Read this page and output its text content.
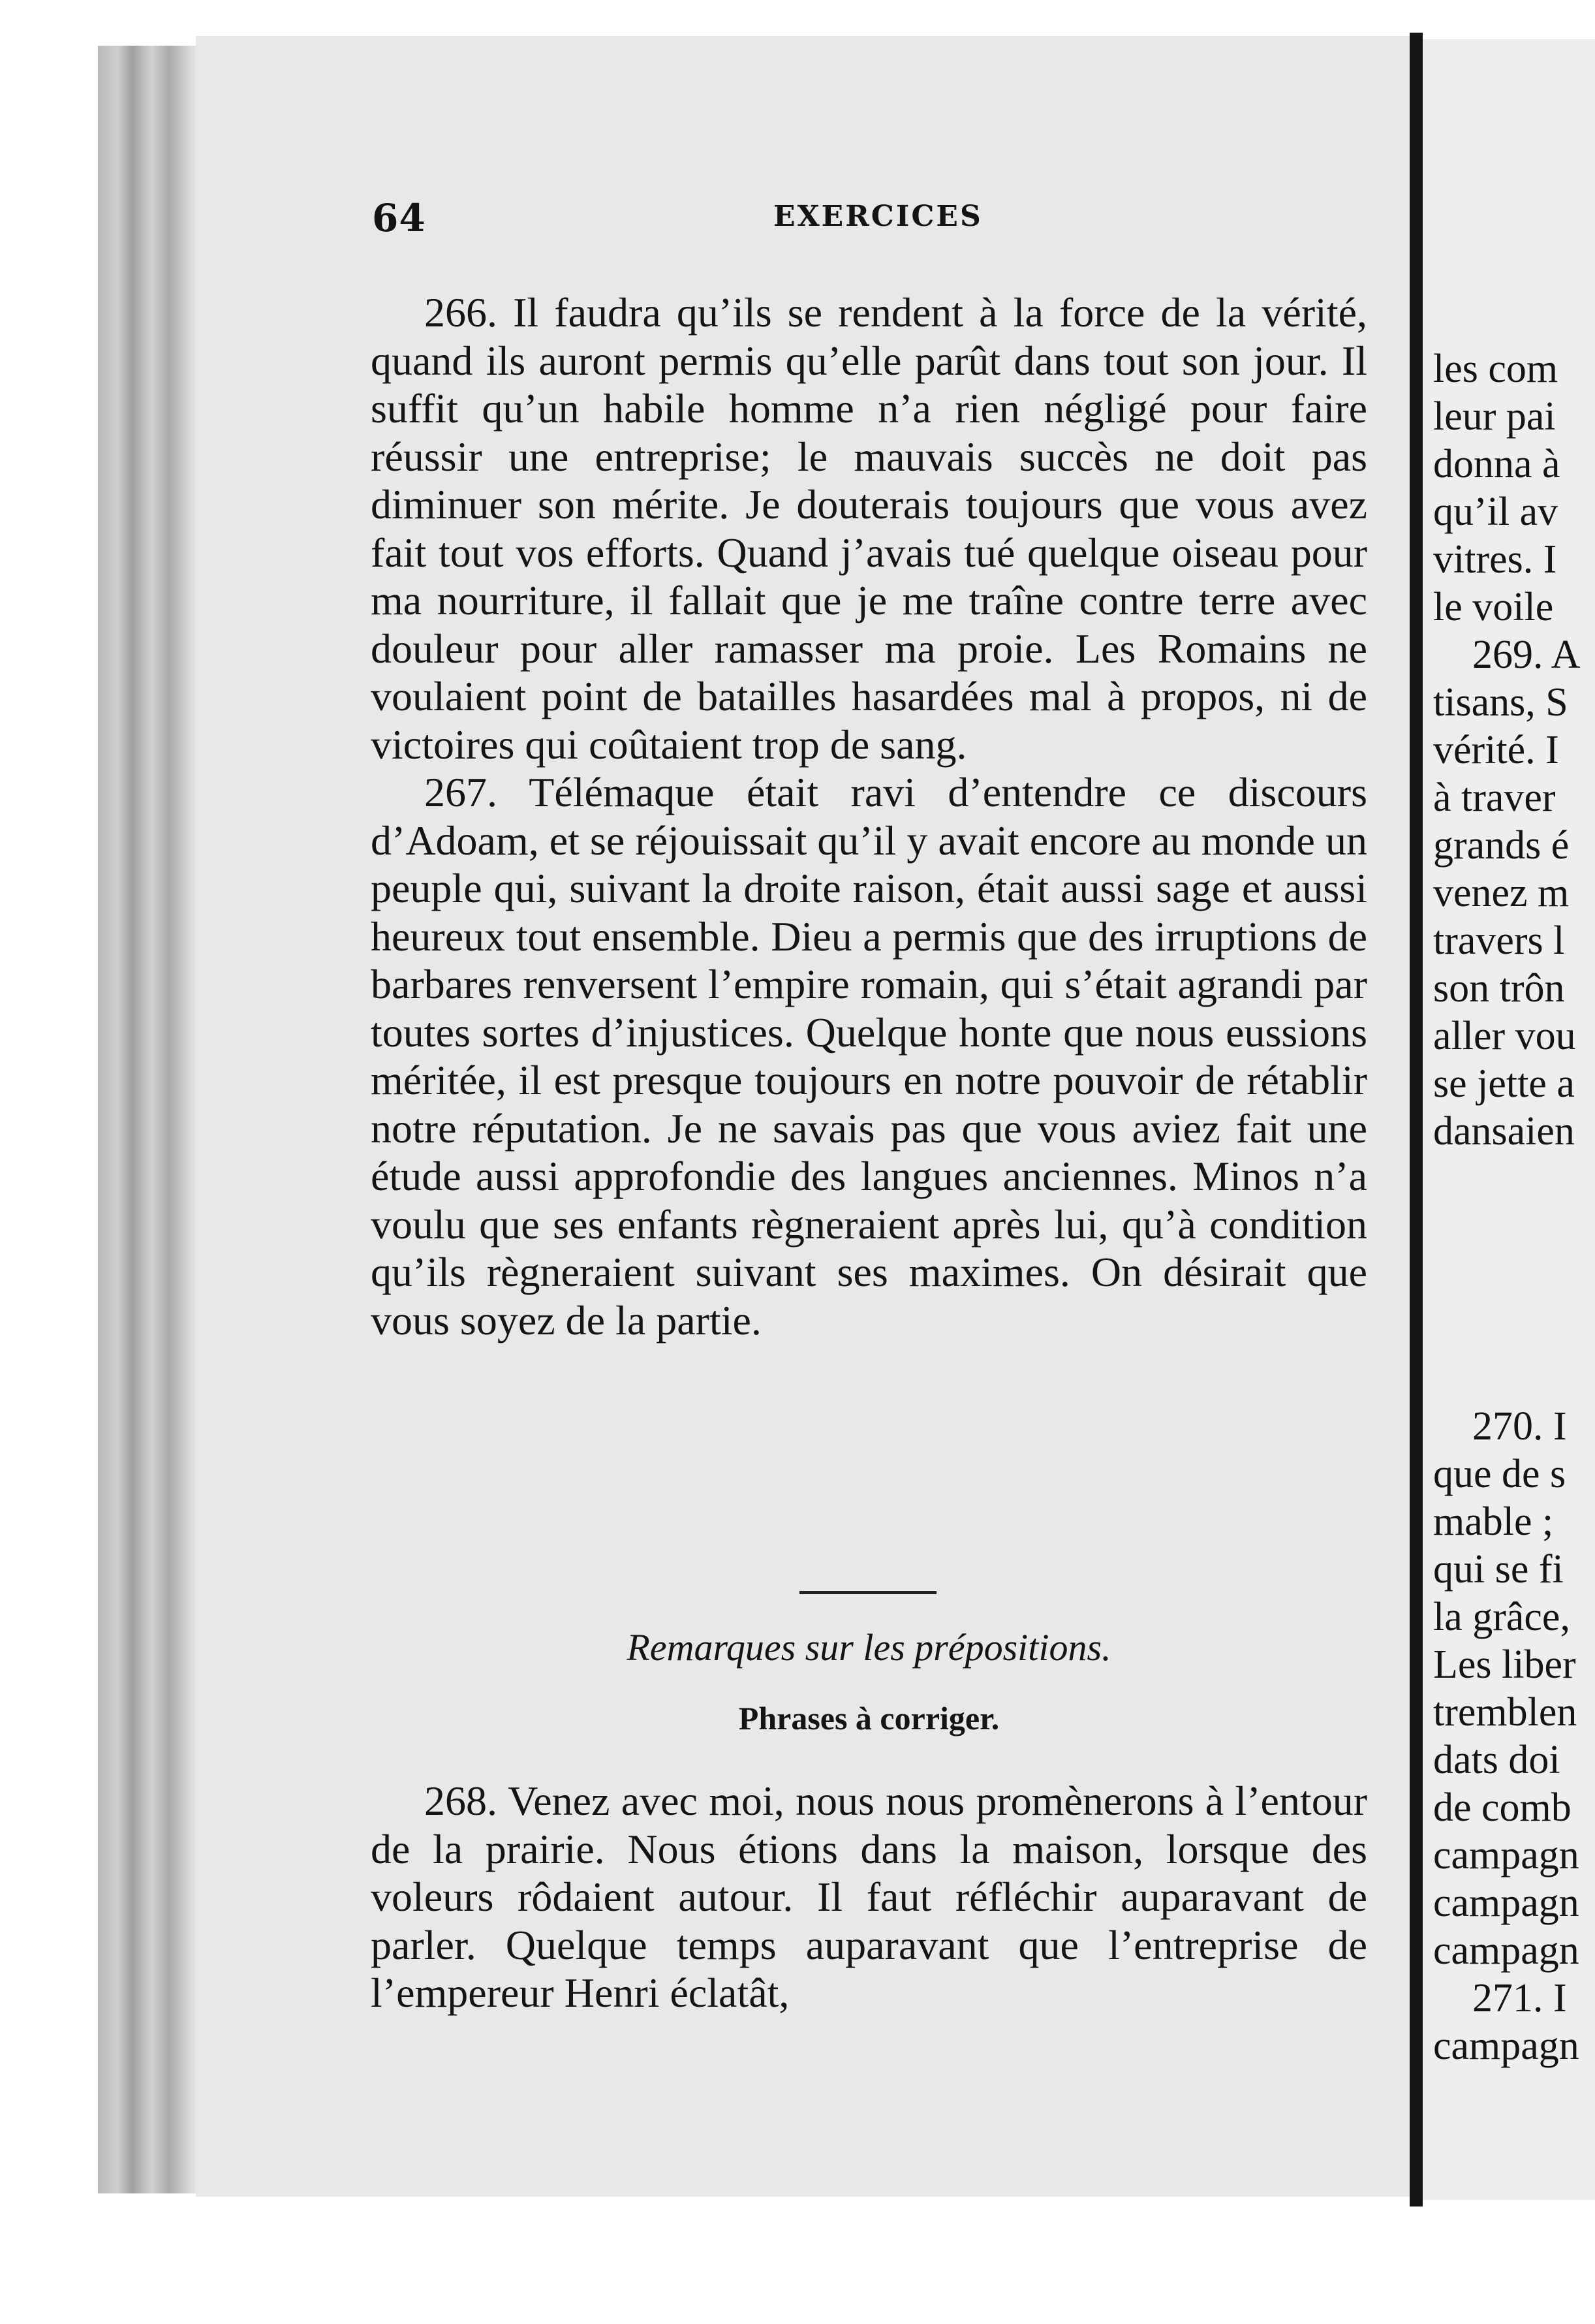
les com
leur pai
donna à
qu’il av
vitres. I
le voile
269. A
tisans, S
vérité. I
à traver
grands é
venez m
travers l
son trôn
aller vou
se jette a
dansaien
270. I
que de s
mable ;
qui se fi
la grâce,
Les liber
tremblen
dats doi
de comb
campagn
campagn
campagn
271. I
campagn
64	EXERCICES

266. Il faudra qu’ils se rendent à la force de la vérité, quand ils auront permis qu’elle parût dans tout son jour. Il suffit qu’un habile homme n’a rien négligé pour faire réussir une entreprise; le mauvais succès ne doit pas diminuer son mérite. Je douterais toujours que vous avez fait tout vos efforts. Quand j’avais tué quelque oiseau pour ma nourriture, il fallait que je me traîne contre terre avec douleur pour aller ramasser ma proie. Les Romains ne voulaient point de batailles hasardées mal à propos, ni de victoires qui coûtaient trop de sang.

267. Télémaque était ravi d’entendre ce discours d’Adoam, et se réjouissait qu’il y avait encore au monde un peuple qui, suivant la droite raison, était aussi sage et aussi heureux tout ensemble. Dieu a permis que des irruptions de barbares renversent l’empire romain, qui s’était agrandi par toutes sortes d’injustices. Quelque honte que nous eussions méritée, il est presque toujours en notre pouvoir de rétablir notre réputation. Je ne savais pas que vous aviez fait une étude aussi approfondie des langues anciennes. Minos n’a voulu que ses enfants règneraient après lui, qu’à condition qu’ils règneraient suivant ses maximes. On désirait que vous soyez de la partie.

Remarques sur les prépositions.
Phrases à corriger.

268. Venez avec moi, nous nous promènerons à l’entour de la prairie. Nous étions dans la maison, lorsque des voleurs rôdaient autour. Il faut réfléchir auparavant de parler. Quelque temps auparavant que l’entreprise de l’empereur Henri éclatât,
